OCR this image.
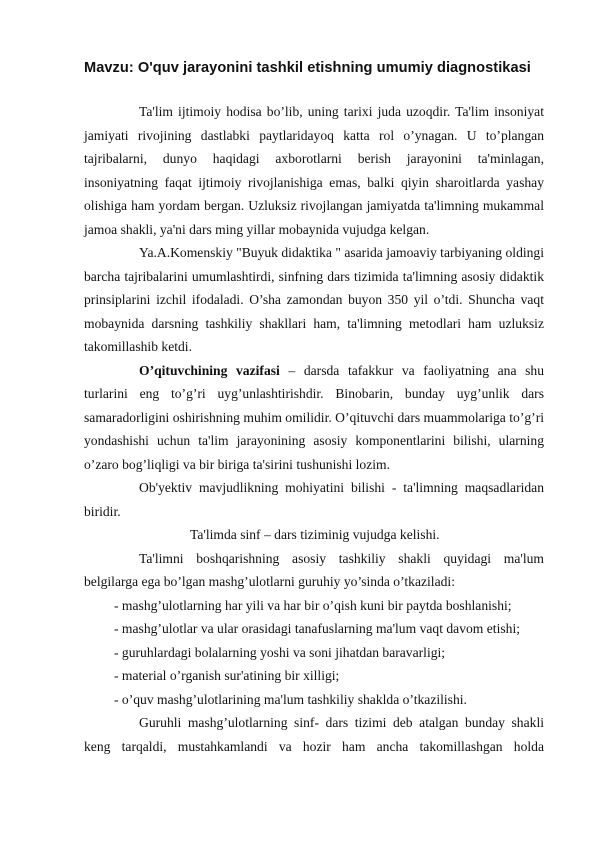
Mavzu: O'quv jarayonini tashkil etishning umumiy diagnostikasi

Ta'lim ijtimoiy hodisa bo’lib, uning tarixi juda uzoqdir. Ta'lim insoniyat jamiyati rivojining dastlabki paytlaridayoq katta rol o’ynagan. U to’plangan tajribalarni, dunyo haqidagi axborotlarni berish jarayonini ta'minlagan, insoniyatning faqat ijtimoiy rivojlanishiga emas, balki qiyin sharoitlarda yashay olishiga ham yordam bergan. Uzluksiz rivojlangan jamiyatda ta'limning mukammal jamoa shakli, ya'ni dars ming yillar mobaynida vujudga kelgan.

Ya.A.Komenskiy "Buyuk didaktika " asarida jamoaviy tarbiyaning oldingi barcha tajribalarini umumlashtirdi, sinfning dars tizimida ta'limning asosiy didaktik prinsiplarini izchil ifodaladi. O’sha zamondan buyon 350 yil o’tdi. Shuncha vaqt mobaynida darsning tashkiliy shakllari ham, ta'limning metodlari ham uzluksiz takomillashib ketdi.

O’qituvchining vazifasi – darsda tafakkur va faoliyatning ana shu turlarini eng to’g’ri uyg’unlashtirishdir. Binobarin, bunday uyg’unlik dars samaradorligini oshirishning muhim omilidir. O’qituvchi dars muammolariga to’g’ri yondashishi uchun ta'lim jarayonining asosiy komponentlarini bilishi, ularning o’zaro bog’liqligi va bir biriga ta'sirini tushunishi lozim.

Ob'yektiv mavjudlikning mohiyatini bilishi - ta'limning maqsadlaridan biridir.

Ta'limda sinf – dars tiziminig vujudga kelishi.

Ta'limni boshqarishning asosiy tashkiliy shakli quyidagi ma'lum belgilarga ega bo’lgan mashg’ulotlarni guruhiy yo’sinda o’tkaziladi:

- mashg’ulotlarning har yili va har bir o’qish kuni bir paytda boshlanishi;

- mashg’ulotlar va ular orasidagi tanafuslarning ma'lum vaqt davom etishi;

- guruhlardagi bolalarning yoshi va soni jihatdan baravarligi;

- material o’rganish sur'atining bir xilligi;

- o’quv mashg’ulotlarining ma'lum tashkiliy shaklda o’tkazilishi.

Guruhli mashg’ulotlarning sinf- dars tizimi deb atalgan bunday shakli keng tarqaldi, mustahkamlandi va hozir ham ancha takomillashgan holda
